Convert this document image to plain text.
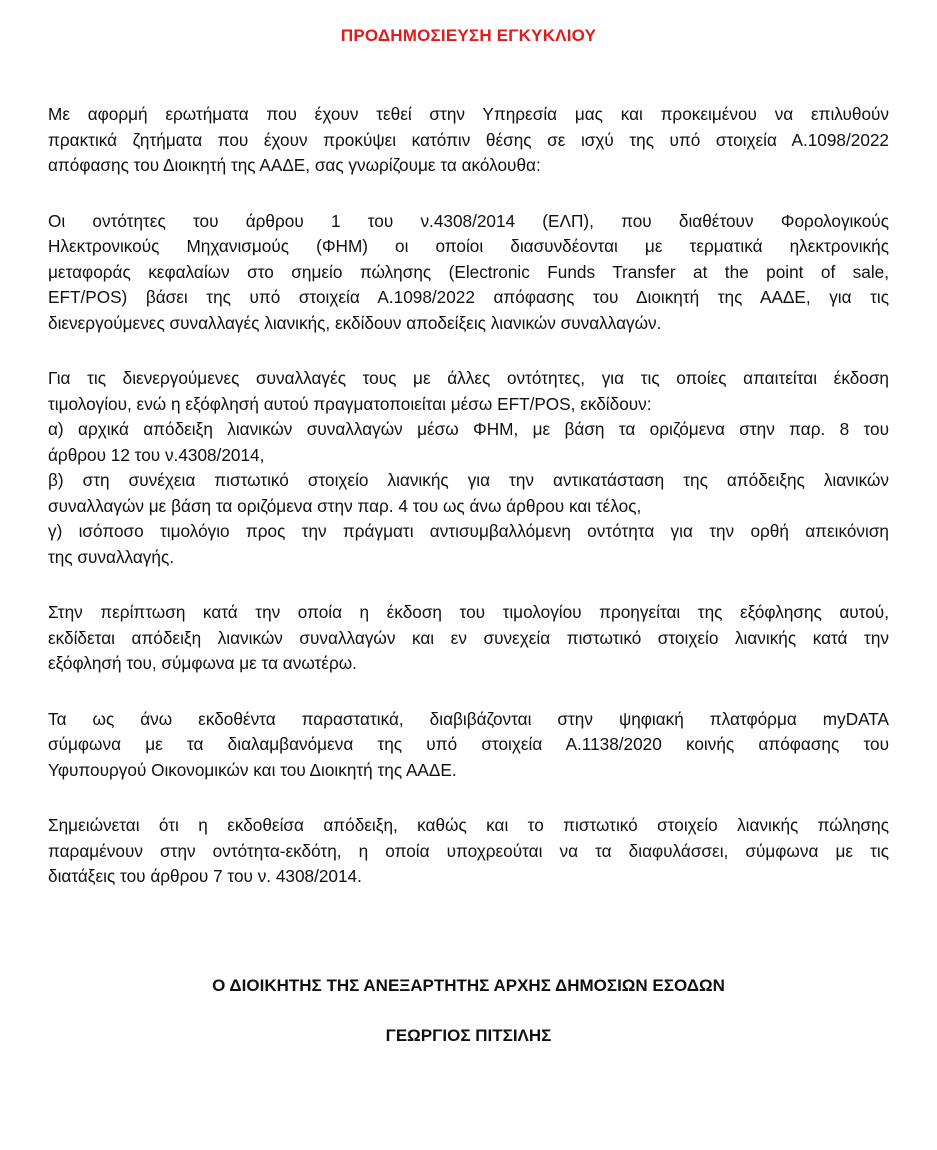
ΠΡΟΔΗΜΟΣΙΕΥΣΗ ΕΓΚΥΚΛΙΟΥ
Με αφορμή ερωτήματα που έχουν τεθεί στην Υπηρεσία μας και προκειμένου να επιλυθούν
πρακτικά ζητήματα που έχουν προκύψει κατόπιν θέσης σε ισχύ της υπό στοιχεία Α.1098/2022
απόφασης του Διοικητή της ΑΑΔΕ, σας γνωρίζουμε τα ακόλουθα:
Οι οντότητες του άρθρου 1 του ν.4308/2014 (ΕΛΠ), που διαθέτουν Φορολογικούς
Ηλεκτρονικούς Μηχανισμούς (ΦΗΜ) οι οποίοι διασυνδέονται με τερματικά ηλεκτρονικής
μεταφοράς κεφαλαίων στο σημείο πώλησης (Electronic Funds Transfer at the point of sale,
EFT/POS) βάσει της υπό στοιχεία Α.1098/2022 απόφασης του Διοικητή της ΑΑΔΕ, για τις
διενεργούμενες συναλλαγές λιανικής, εκδίδουν αποδείξεις λιανικών συναλλαγών.
Για τις διενεργούμενες συναλλαγές τους με άλλες οντότητες, για τις οποίες απαιτείται έκδοση
τιμολογίου, ενώ η εξόφλησή αυτού πραγματοποιείται μέσω EFT/POS, εκδίδουν:
α) αρχικά απόδειξη λιανικών συναλλαγών μέσω ΦΗΜ, με βάση τα οριζόμενα στην παρ. 8 του
άρθρου 12 του ν.4308/2014,
β) στη συνέχεια πιστωτικό στοιχείο λιανικής για την αντικατάσταση της απόδειξης λιανικών
συναλλαγών με βάση τα οριζόμενα στην παρ. 4 του ως άνω άρθρου και τέλος,
γ) ισόποσο τιμολόγιο προς την πράγματι αντισυμβαλλόμενη οντότητα για την ορθή απεικόνιση
της συναλλαγής.
Στην περίπτωση κατά την οποία η έκδοση του τιμολογίου προηγείται της εξόφλησης αυτού,
εκδίδεται απόδειξη λιανικών συναλλαγών και εν συνεχεία πιστωτικό στοιχείο λιανικής κατά την
εξόφλησή του, σύμφωνα με τα ανωτέρω.
Τα ως άνω εκδοθέντα παραστατικά, διαβιβάζονται στην ψηφιακή πλατφόρμα myDATA
σύμφωνα με τα διαλαμβανόμενα της υπό στοιχεία Α.1138/2020 κοινής απόφασης του
Υφυπουργού Οικονομικών και του Διοικητή της ΑΑΔΕ.
Σημειώνεται ότι η εκδοθείσα απόδειξη, καθώς και το πιστωτικό στοιχείο λιανικής πώλησης
παραμένουν στην οντότητα-εκδότη, η οποία υποχρεούται να τα διαφυλάσσει, σύμφωνα με τις
διατάξεις του άρθρου 7 του ν. 4308/2014.
Ο ΔΙΟΙΚΗΤΗΣ ΤΗΣ ΑΝΕΞΑΡΤΗΤΗΣ ΑΡΧΗΣ ΔΗΜΟΣΙΩΝ ΕΣΟΔΩΝ
ΓΕΩΡΓΙΟΣ ΠΙΤΣΙΛΗΣ
